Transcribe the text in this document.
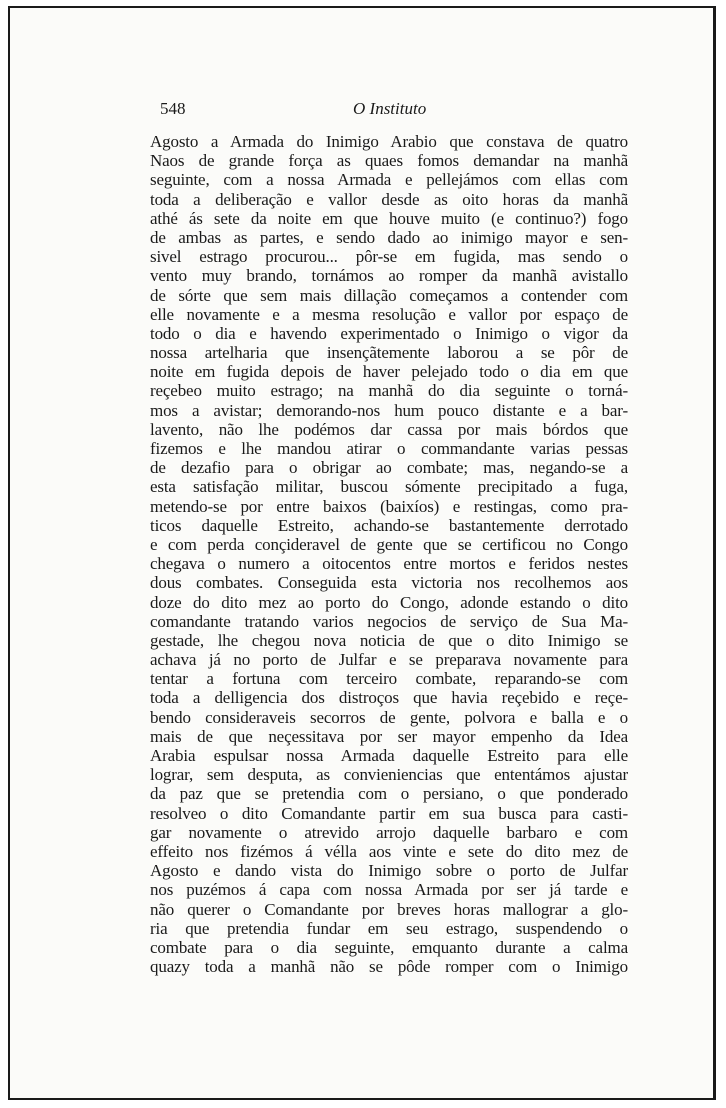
548	O Instituto
Agosto a Armada do Inimigo Arabio que constava de quatro
Naos de grande força as quaes fomos demandar na manhã
seguinte, com a nossa Armada e pellejámos com ellas com
toda a deliberação e vallor desde as oito horas da manhã
athé ás sete da noite em que houve muito (e continuo?) fogo
de ambas as partes, e sendo dado ao inimigo mayor e sen-
sivel estrago procurou... pôr-se em fugida, mas sendo o
vento muy brando, tornámos ao romper da manhã avistallo
de sórte que sem mais dillação começamos a contender com
elle novamente e a mesma resolução e vallor por espaço de
todo o dia e havendo experimentado o Inimigo o vigor da
nossa artelharia que insençãtemente laborou a se pôr de
noite em fugida depois de haver pelejado todo o dia em que
reçebeo muito estrago; na manhã do dia seguinte o torná-
mos a avistar; demorando-nos hum pouco distante e a bar-
lavento, não lhe podémos dar cassa por mais bórdos que
fizemos e lhe mandou atirar o commandante varias pessas
de dezafio para o obrigar ao combate; mas, negando-se a
esta satisfação militar, buscou sómente precipitado a fuga,
metendo-se por entre baixos (baixíos) e restingas, como pra-
ticos daquelle Estreito, achando-se bastantemente derrotado
e com perda conçideravel de gente que se certificou no Congo
chegava o numero a oitocentos entre mortos e feridos nestes
dous combates. Conseguida esta victoria nos recolhemos aos
doze do dito mez ao porto do Congo, adonde estando o dito
comandante tratando varios negocios de serviço de Sua Ma-
gestade, lhe chegou nova noticia de que o dito Inimigo se
achava já no porto de Julfar e se preparava novamente para
tentar a fortuna com terceiro combate, reparando-se com
toda a delligencia dos distroços que havia reçebido e reçe-
bendo consideraveis secorros de gente, polvora e balla e o
mais de que neçessitava por ser mayor empenho da Idea
Arabia espulsar nossa Armada daquelle Estreito para elle
lograr, sem desputa, as convieniencias que ententámos ajustar
da paz que se pretendia com o persiano, o que ponderado
resolveo o dito Comandante partir em sua busca para casti-
gar novamente o atrevido arrojo daquelle barbaro e com
effeito nos fizémos á vélla aos vinte e sete do dito mez de
Agosto e dando vista do Inimigo sobre o porto de Julfar
nos puzémos á capa com nossa Armada por ser já tarde e
não querer o Comandante por breves horas mallograr a glo-
ria que pretendia fundar em seu estrago, suspendendo o
combate para o dia seguinte, emquanto durante a calma
quazy toda a manhã não se pôde romper com o Inimigo
